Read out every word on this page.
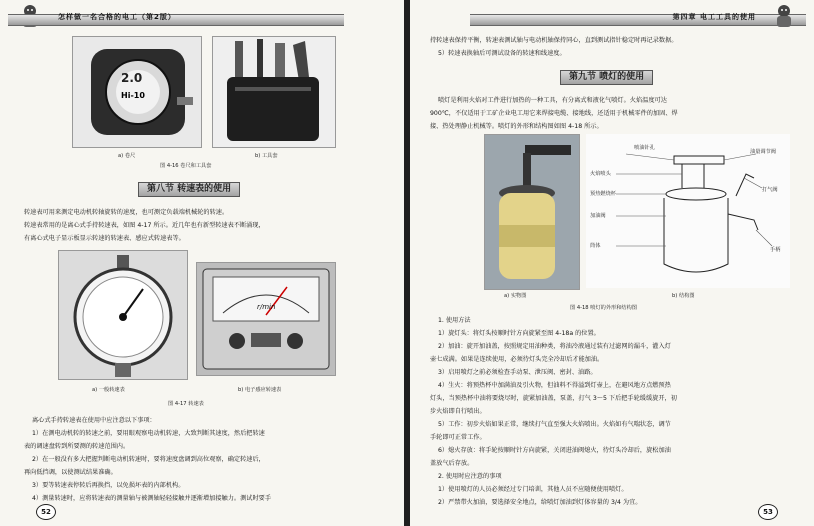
怎样做一名合格的电工（第2版）
2.0
Hi-10
a) 卷尺	b) 工具套
图 4-16 卷尺和工具套
第八节 转速表的使用
转速表可用来测定电动机转轴旋转的速度，也可测定负载端机械轮的转速。
转速表常用的是离心式手持转速表，如图 4-17 所示。近几年也有新型转速表不断涌现，
有离心式电子显示板显示转速的转速表、感应式转速表等。
r/min
a) 一般转速表	b) 电子感应转速表
图 4-17 转速表
离心式手持转速表在使用中应注意以下事项：
1）在测电动机转的转速之前，要用眼观察电动机转速，大致判断其速度，然后把转速
表的调速盘转到所要测的转速范围内。
2）在一般没有多大把握判断电动机转速时，要将速度盘调到高位观察，确定转速后，
再向低挡调，以使测试结果准确。
3）要等转速表停转后再换挡，以免损坏表的内部机构。
4）测量转速时，应将转速表的测量轴与被测轴轻轻接触并逐渐增加接触力。测试时要手
52
第四章 电工工具的使用
持转速表保持平衡，转速表测试轴与电动机轴保持同心，直到测试指针稳定时再记录数据。
5）转速表换轴后可测试设备的转速和线速度。
第九节 喷灯的使用
喷灯是利用火焰对工件进行加热的一种工具，有分离式和液化气喷灯。火焰温度可达
900℃，不仅适用于工矿企业电工用它来焊接电缆、接地线，还适用于机械零件的加固、焊
接、热处理静止机械等。喷灯的外形和结构图如图 4-18 所示。
喷油针孔
火焰喷头
预热燃烧杯
加油阀
油量调节阀
打气阀
筒体
手柄
a) 实物图	b) 结构图
图 4-18 喷灯的外形和结构图
1. 使用方法
1）旋灯头：将灯头按顺时针方向旋紧至图 4-18a 的位置。
2）加油：旋开加油盖，按照规定用油种类，将油冷液通过装有过滤网的漏斗，灌入灯
壶七成满。如果是连续使用，必须待灯头完全冷却后才能加油。
3）启用喷灯之前必须检查手动泵、泄压阀、密封、油路。
4）生火：将预热杯中加满油及引火物，但油料不得溢到灯壶上，在避风地方点燃预热
灯头，当预热杯中油将要烧尽时，旋紧加油盖，泵盖，打气 3～5 下后把手轮缓缓旋开，初
步火焰即自行喷出。
5）工作：初步火焰如果正常，继续打气直至强大火焰喷出。火焰如有气喘状态，调节
手轮即可正常工作。
6）熄火存放：将手轮按顺时针方向旋紧，关闭进油阀熄火，待灯头冷却后，旋松加油
盖放气后存放。
2. 使用时应注意的事项
1）使用喷灯的人员必须经过专门培训，其他人员不应随便使用喷灯。
2）严禁带火加油，要选择安全地点，给喷灯加油到灯体容量的 3/4 为宜。
53
